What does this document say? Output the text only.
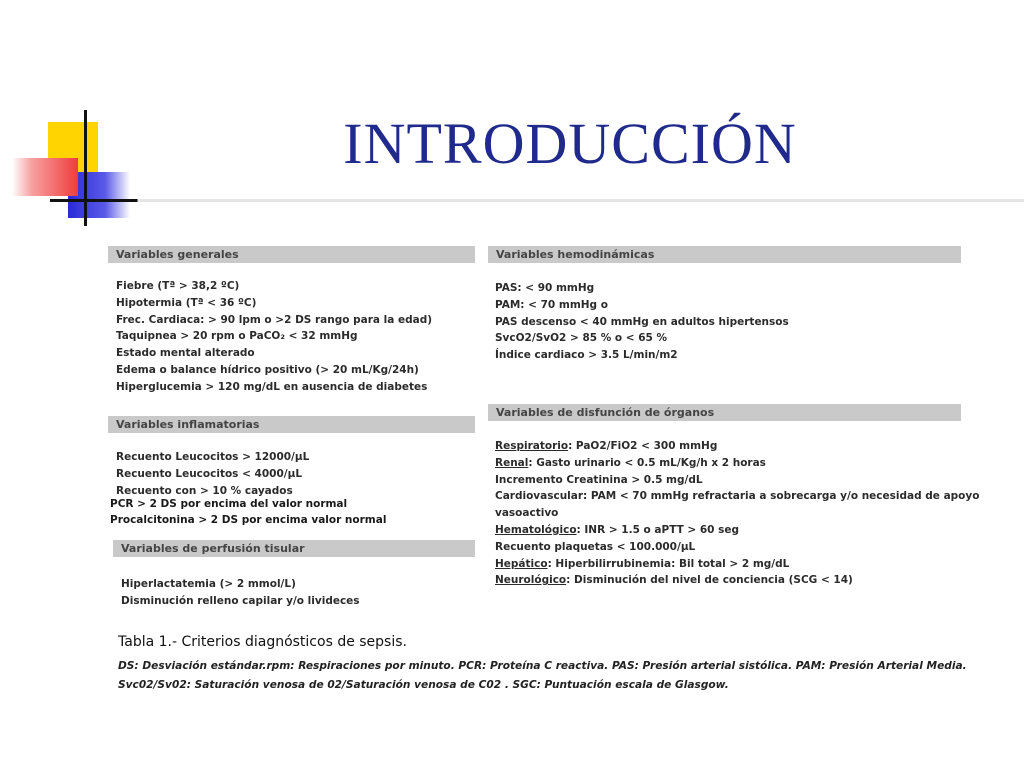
INTRODUCCIÓN
Variables generales
Fiebre (Tª > 38,2 ºC)
Hipotermia (Tª < 36 ºC)
Frec. Cardiaca: > 90 lpm o >2 DS rango para la edad)
Taquipnea > 20 rpm o PaCO₂ < 32 mmHg
Estado mental alterado
Edema o balance hídrico positivo (> 20 mL/Kg/24h)
Hiperglucemia > 120 mg/dL en ausencia de diabetes
Variables inflamatorias
Recuento Leucocitos > 12000/µL
Recuento Leucocitos < 4000/µL
Recuento con > 10 % cayados
PCR > 2 DS por encima del valor normal
Procalcitonina > 2 DS por encima valor normal
Variables de perfusión tisular
Hiperlactatemia (> 2 mmol/L)
Disminución relleno capilar y/o livideces
Variables hemodinámicas
PAS: < 90 mmHg
PAM: < 70 mmHg o
PAS descenso < 40 mmHg en adultos hipertensos
SvcO2/SvO2 > 85 % o < 65 %
Índice cardiaco > 3.5 L/min/m2
Variables de disfunción de órganos
Respiratorio: PaO2/FiO2 < 300 mmHg
Renal: Gasto urinario < 0.5 mL/Kg/h x 2 horas
Incremento Creatinina > 0.5 mg/dL
Cardiovascular: PAM < 70 mmHg refractaria a sobrecarga y/o necesidad de apoyo
vasoactivo
Hematológico: INR > 1.5 o aPTT > 60 seg
Recuento plaquetas < 100.000/µL
Hepático: Hiperbilirrubinemia: Bil total > 2 mg/dL
Neurológico: Disminución del nivel de conciencia (SCG < 14)
Tabla 1.- Criterios diagnósticos de sepsis.
DS: Desviación estándar.rpm: Respiraciones por minuto. PCR: Proteína C reactiva. PAS: Presión arterial sistólica. PAM: Presión Arterial Media. Svc02/Sv02: Saturación venosa de 02/Saturación venosa de C02 . SGC: Puntuación escala de Glasgow.
